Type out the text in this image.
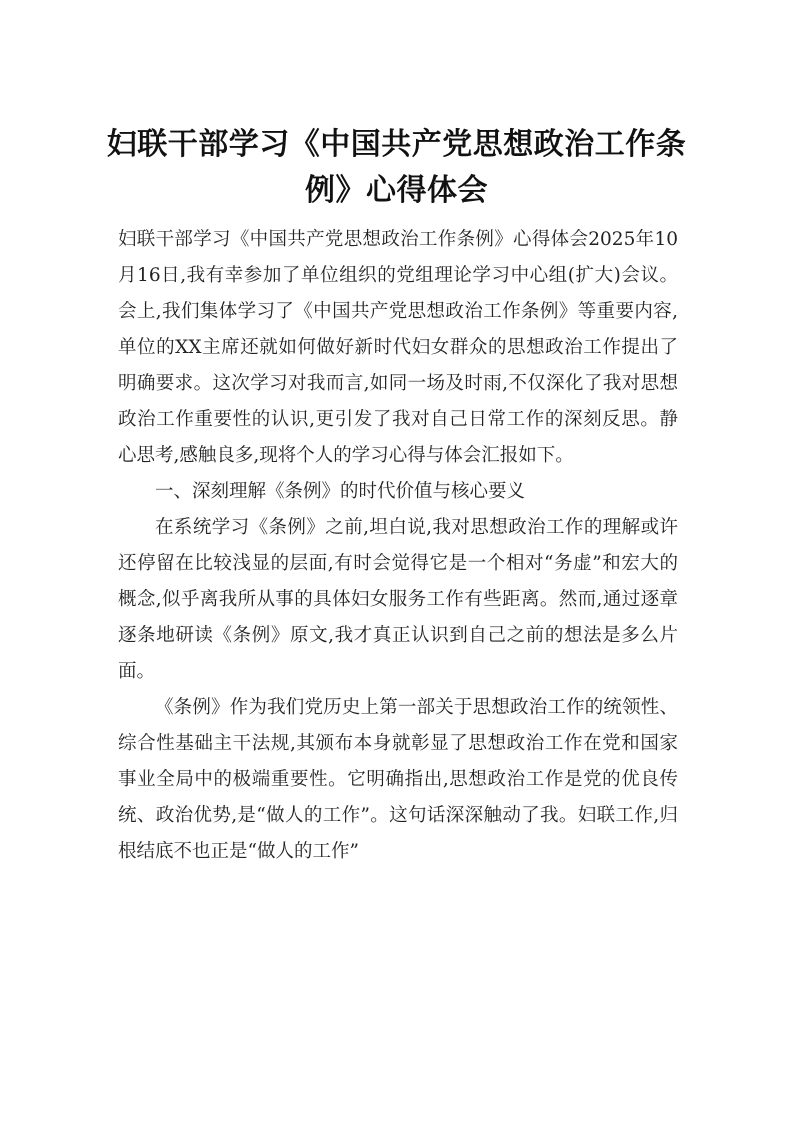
妇联干部学习《中国共产党思想政治工作条例》心得体会

妇联干部学习《中国共产党思想政治工作条例》心得体会2025年10月16日,我有幸参加了单位组织的党组理论学习中心组(扩大)会议。会上,我们集体学习了《中国共产党思想政治工作条例》等重要内容,单位的XX主席还就如何做好新时代妇女群众的思想政治工作提出了明确要求。这次学习对我而言,如同一场及时雨,不仅深化了我对思想政治工作重要性的认识,更引发了我对自己日常工作的深刻反思。静心思考,感触良多,现将个人的学习心得与体会汇报如下。

一、深刻理解《条例》的时代价值与核心要义

在系统学习《条例》之前,坦白说,我对思想政治工作的理解或许还停留在比较浅显的层面,有时会觉得它是一个相对“务虚”和宏大的概念,似乎离我所从事的具体妇女服务工作有些距离。然而,通过逐章逐条地研读《条例》原文,我才真正认识到自己之前的想法是多么片面。

《条例》作为我们党历史上第一部关于思想政治工作的统领性、综合性基础主干法规,其颁布本身就彰显了思想政治工作在党和国家事业全局中的极端重要性。它明确指出,思想政治工作是党的优良传统、政治优势,是“做人的工作”。这句话深深触动了我。妇联工作,归根结底不也正是“做人的工作”
